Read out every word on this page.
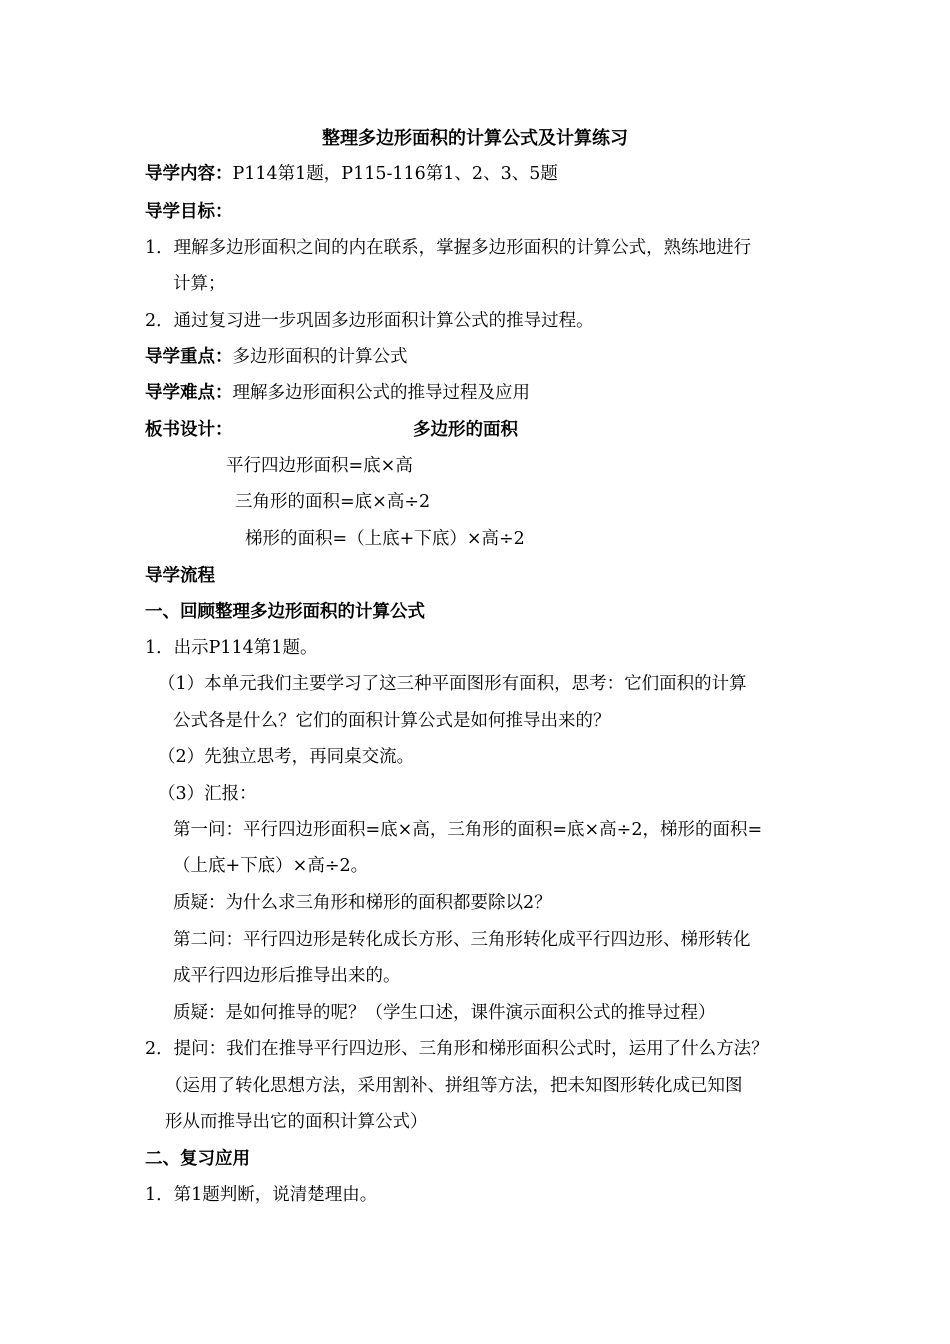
整理多边形面积的计算公式及计算练习
导学内容：P114第1题，P115-116第1、2、3、5题
导学目标：
1．理解多边形面积之间的内在联系，掌握多边形面积的计算公式，熟练地进行
计算；
2．通过复习进一步巩固多边形面积计算公式的推导过程。
导学重点：多边形面积的计算公式
导学难点：理解多边形面积公式的推导过程及应用
板书设计：	多边形的面积
平行四边形面积=底×高
三角形的面积=底×高÷2
梯形的面积=（上底+下底）×高÷2
导学流程
一、回顾整理多边形面积的计算公式
1．出示P114第1题。
（1）本单元我们主要学习了这三种平面图形有面积，思考：它们面积的计算
公式各是什么？它们的面积计算公式是如何推导出来的？
（2）先独立思考，再同桌交流。
（3）汇报：
第一问：平行四边形面积=底×高，三角形的面积=底×高÷2，梯形的面积=
（上底+下底）×高÷2。
质疑：为什么求三角形和梯形的面积都要除以2？
第二问：平行四边形是转化成长方形、三角形转化成平行四边形、梯形转化
成平行四边形后推导出来的。
质疑：是如何推导的呢？（学生口述，课件演示面积公式的推导过程）
2．提问：我们在推导平行四边形、三角形和梯形面积公式时，运用了什么方法？
（运用了转化思想方法，采用割补、拼组等方法，把未知图形转化成已知图
形从而推导出它的面积计算公式）
二、复习应用
1．第1题判断，说清楚理由。
